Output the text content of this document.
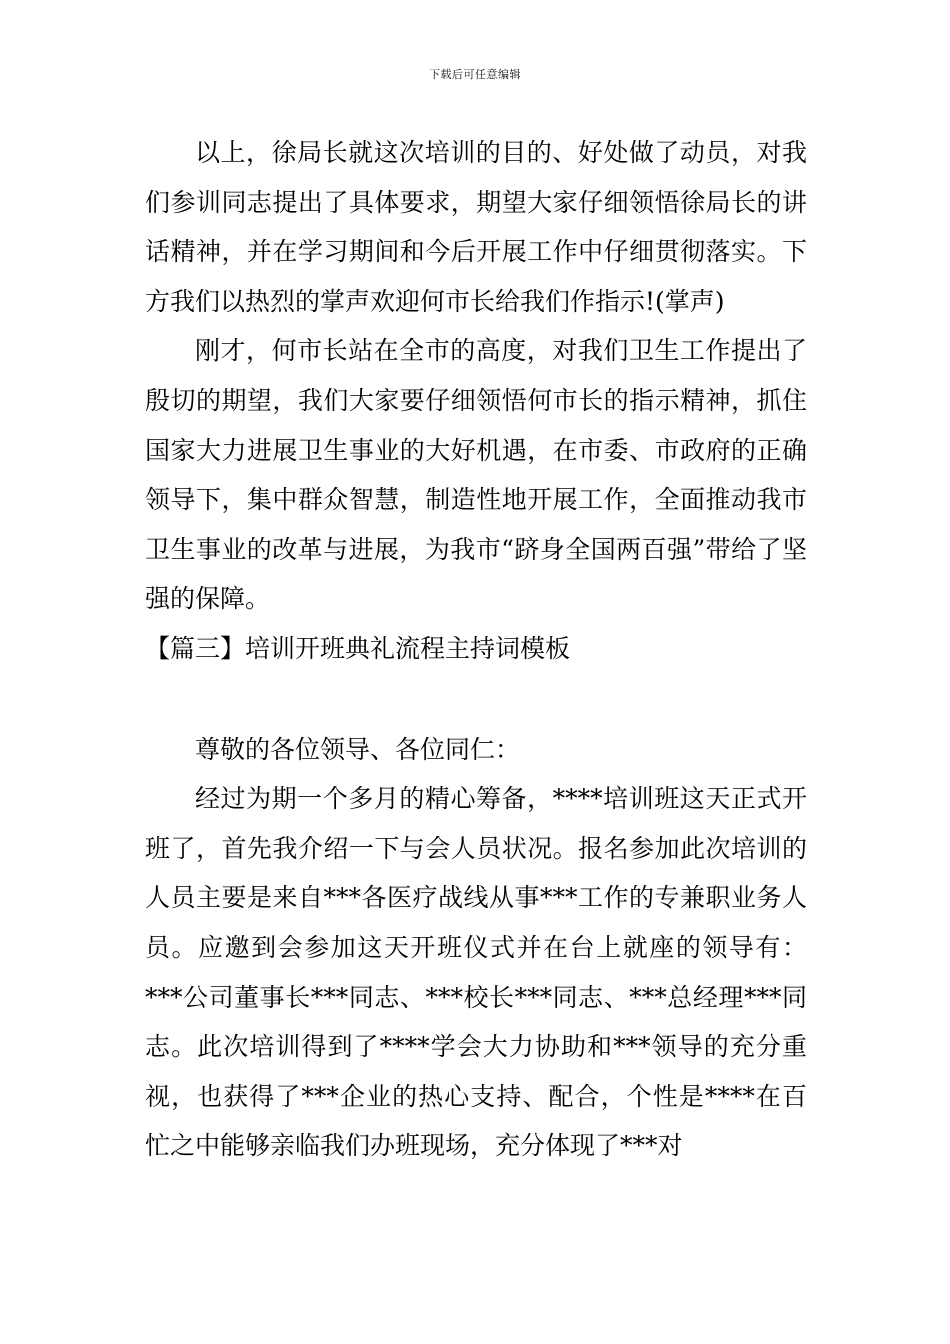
下载后可任意编辑

以上，徐局长就这次培训的目的、好处做了动员，对我们参训同志提出了具体要求，期望大家仔细领悟徐局长的讲话精神，并在学习期间和今后开展工作中仔细贯彻落实。下方我们以热烈的掌声欢迎何市长给我们作指示!(掌声)

刚才，何市长站在全市的高度，对我们卫生工作提出了殷切的期望，我们大家要仔细领悟何市长的指示精神，抓住国家大力进展卫生事业的大好机遇，在市委、市政府的正确领导下，集中群众智慧，制造性地开展工作，全面推动我市卫生事业的改革与进展，为我市“跻身全国两百强”带给了坚强的保障。

【篇三】培训开班典礼流程主持词模板

尊敬的各位领导、各位同仁：

经过为期一个多月的精心筹备，****培训班这天正式开班了，首先我介绍一下与会人员状况。报名参加此次培训的人员主要是来自***各医疗战线从事***工作的专兼职业务人员。应邀到会参加这天开班仪式并在台上就座的领导有：***公司董事长***同志、***校长***同志、***总经理***同志。此次培训得到了****学会大力协助和***领导的充分重视，也获得了***企业的热心支持、配合，个性是****在百忙之中能够亲临我们办班现场，充分体现了***对
